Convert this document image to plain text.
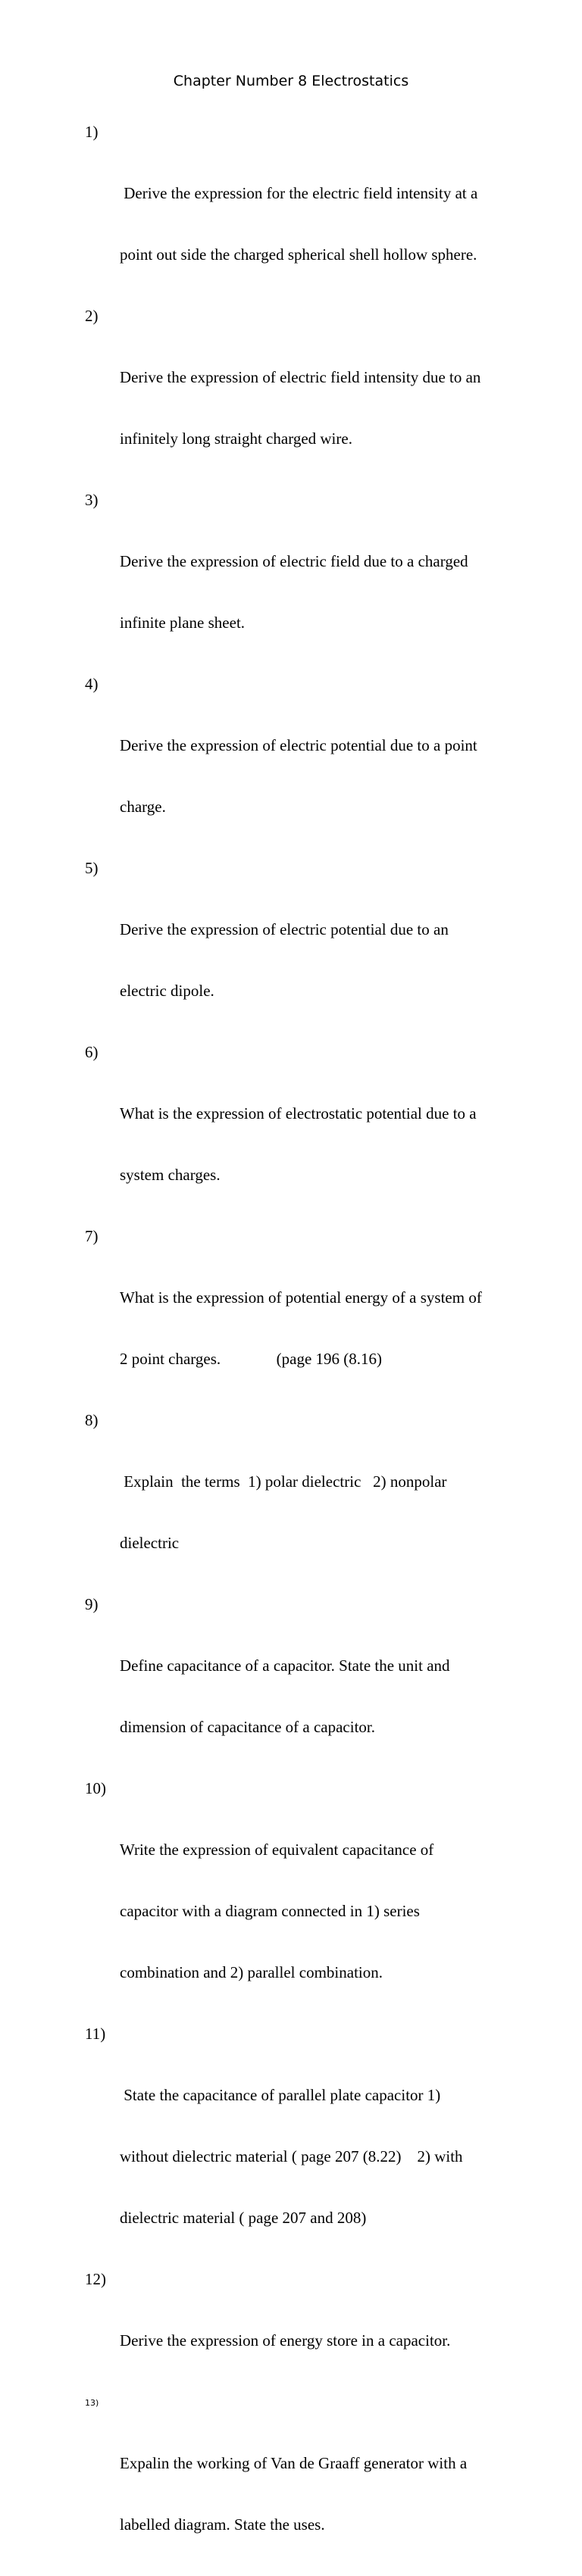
Chapter Number 8 Electrostatics

1)

Derive the expression for the electric field intensity at a

point out side the charged spherical shell hollow sphere.

2)

Derive the expression of electric field intensity due to an

infinitely long straight charged wire.

3)

Derive the expression of electric field due to a charged

infinite plane sheet.

4)

Derive the expression of electric potential due to a point

charge.

5)

Derive the expression of electric potential due to an

electric dipole.

6)

What is the expression of electrostatic potential due to a

system charges.

7)

What is the expression of potential energy of a system of

2 point charges.              (page 196 (8.16)

8)

Explain  the terms  1) polar dielectric   2) nonpolar

dielectric

9)

Define capacitance of a capacitor. State the unit and

dimension of capacitance of a capacitor.

10)

Write the expression of equivalent capacitance of

capacitor with a diagram connected in 1) series

combination and 2) parallel combination.

11)

State the capacitance of parallel plate capacitor 1)

without dielectric material ( page 207 (8.22)    2) with

dielectric material ( page 207 and 208)

12)

Derive the expression of energy store in a capacitor.

13)

Expalin the working of Van de Graaff generator with a

labelled diagram. State the uses.
